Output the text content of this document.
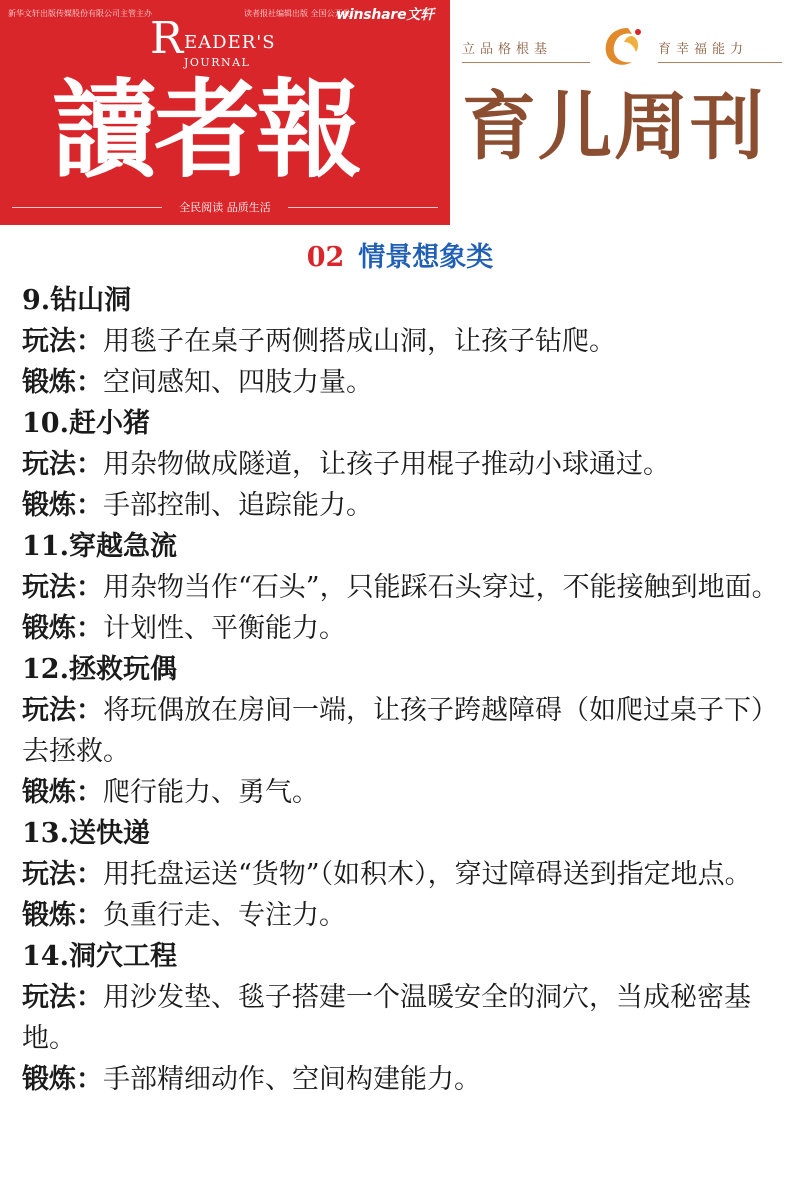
新华文轩出版传媒股份有限公司主管主办	读者报社编辑出版 全国公开发行
winshare文轩
R EADER'S
JOURNAL
讀者報
全民阅读 品质生活
立品格根基	育幸福能力
育儿周刊
02 情景想象类
9.钻山洞

玩法：用毯子在桌子两侧搭成山洞，让孩子钻爬。

锻炼：空间感知、四肢力量。

10.赶小猪

玩法：用杂物做成隧道，让孩子用棍子推动小球通过。

锻炼：手部控制、追踪能力。

11.穿越急流

玩法：用杂物当作“石头”，只能踩石头穿过，不能接触到地面。

锻炼：计划性、平衡能力。

12.拯救玩偶

玩法：将玩偶放在房间一端，让孩子跨越障碍（如爬过桌子下）去拯救。

锻炼：爬行能力、勇气。

13.送快递

玩法：用托盘运送“货物”（如积木），穿过障碍送到指定地点。

锻炼：负重行走、专注力。

14.洞穴工程

玩法：用沙发垫、毯子搭建一个温暖安全的洞穴，当成秘密基地。

锻炼：手部精细动作、空间构建能力。
